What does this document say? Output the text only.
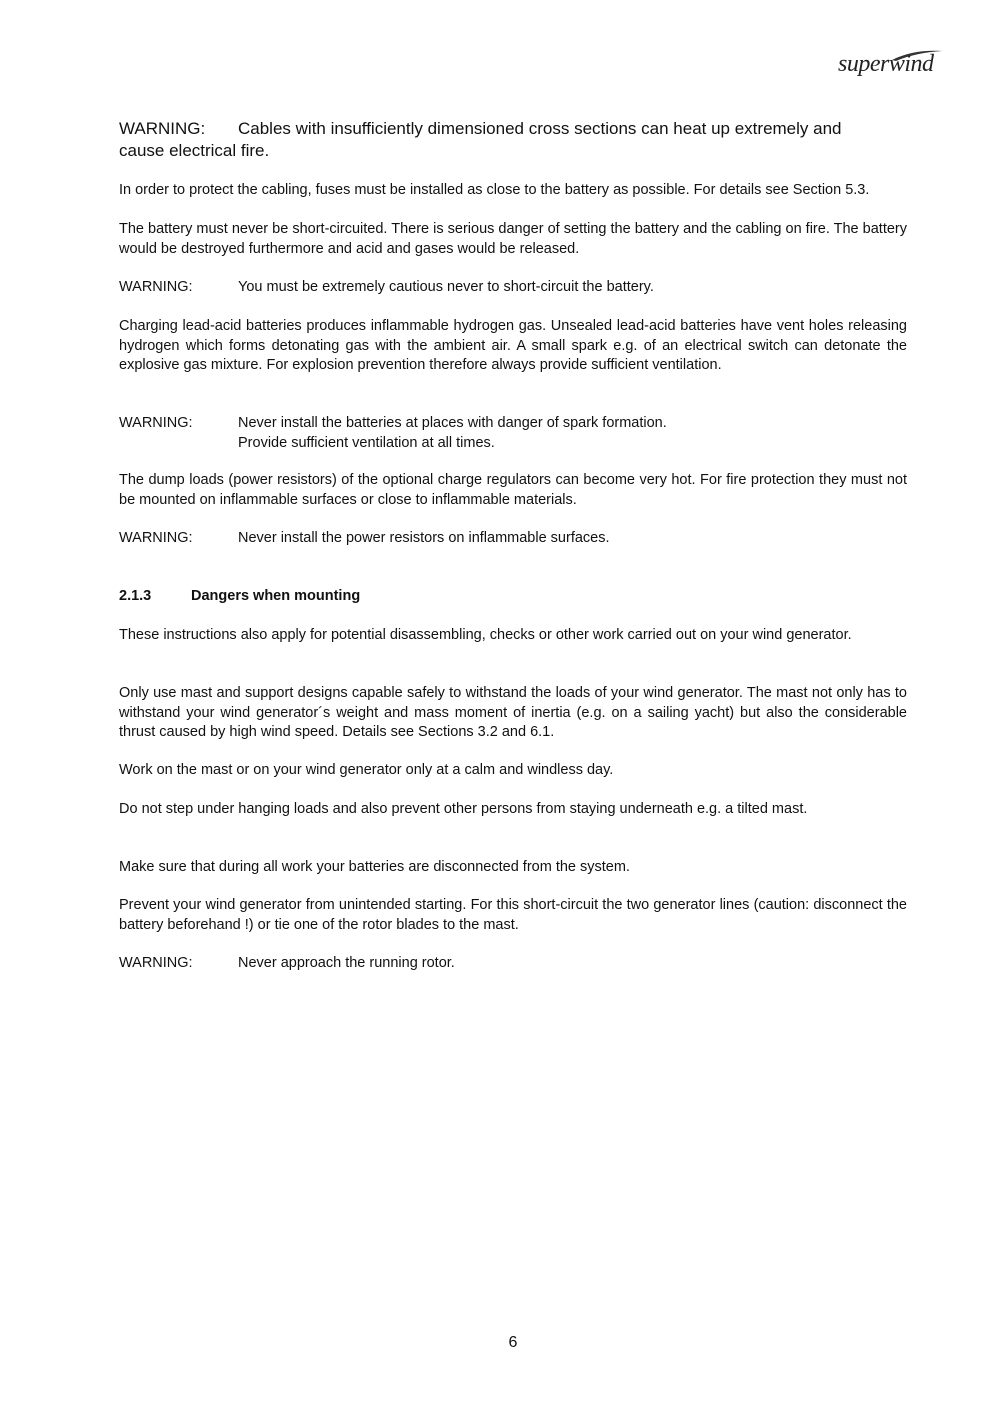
superwind
WARNING:	Cables with insufficiently dimensioned cross sections can heat up extremely and
cause electrical fire.

In order to protect the cabling, fuses must be installed as close to the battery as possible. For details see Section 5.3.

The battery must never be short-circuited. There is serious danger of setting the battery and the cabling on fire. The battery would be destroyed furthermore and acid and gases would be released.

WARNING:	You must be extremely cautious never to short-circuit the battery.

Charging lead-acid batteries produces inflammable hydrogen gas. Unsealed lead-acid batteries have vent holes releasing hydrogen which forms detonating gas with the ambient air. A small spark e.g. of an electrical switch can detonate the explosive gas mixture. For explosion prevention therefore always provide sufficient ventilation.

WARNING:	Never install the batteries at places with danger of spark formation.
Provide sufficient ventilation at all times.

The dump loads (power resistors) of the optional charge regulators can become very hot. For fire protection they must not be mounted on inflammable surfaces or close to inflammable materials.

WARNING:	Never install the power resistors on inflammable surfaces.
2.1.3	Dangers when mounting

These instructions also apply for potential disassembling, checks or other work carried out on your wind generator.

Only use mast and support designs capable safely to withstand the loads of your wind generator. The mast not only has to withstand your wind generator´s weight and mass moment of inertia (e.g. on a sailing yacht) but also the considerable thrust caused by high wind speed. Details see Sections 3.2 and 6.1.

Work on the mast or on your wind generator only at a calm and windless day.

Do not step under hanging loads and also prevent other persons from staying underneath e.g. a tilted mast.

Make sure that during all work your batteries are disconnected from the system.

Prevent your wind generator from unintended starting. For this short-circuit the two generator lines (caution: disconnect the battery beforehand !) or tie one of the rotor blades to the mast.

WARNING:	Never approach the running rotor.
6
